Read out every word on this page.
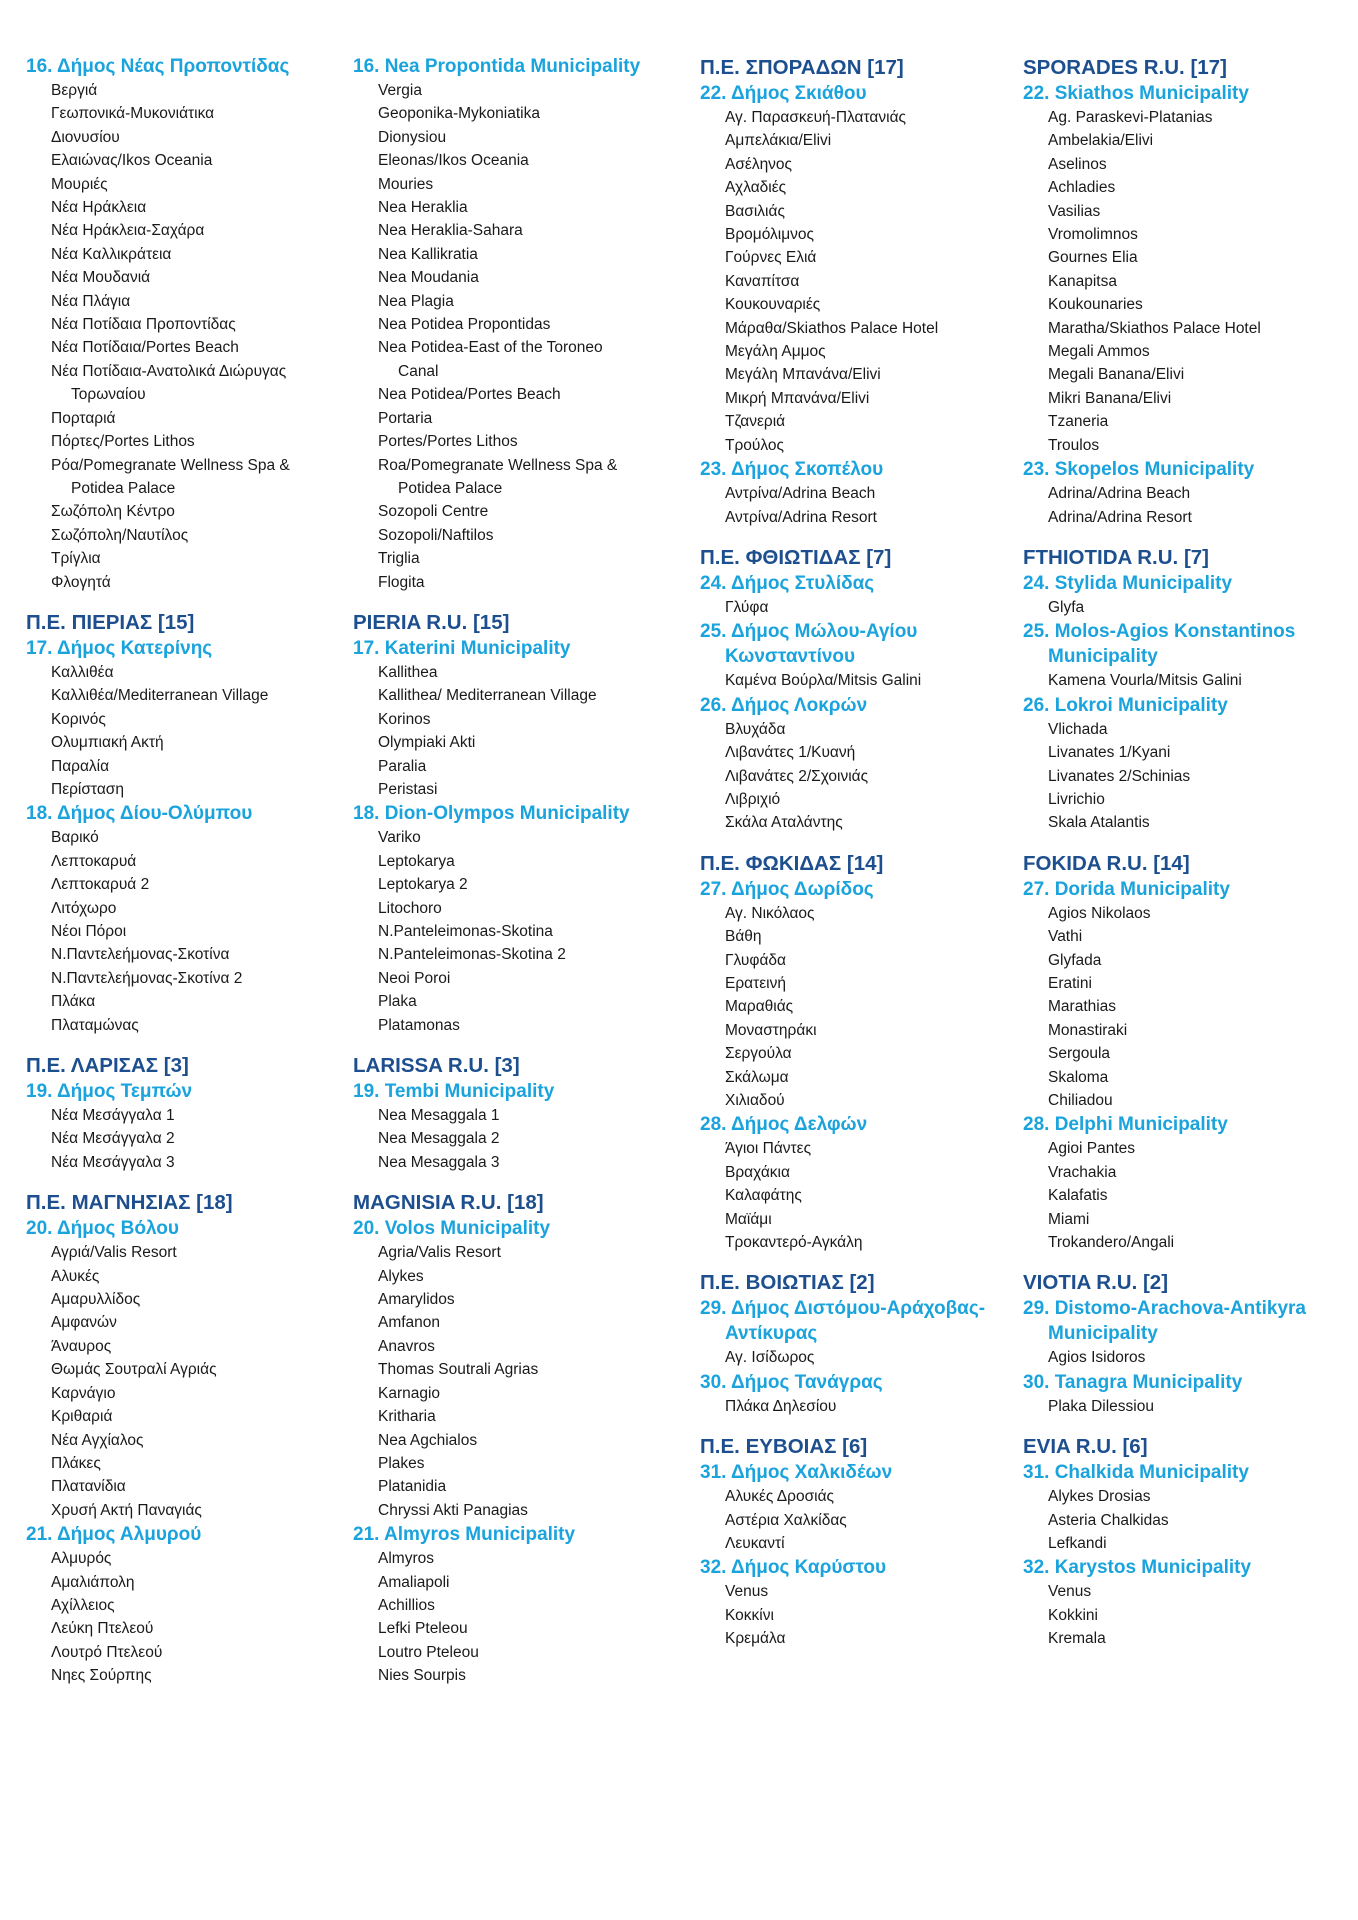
16. Δήμος Νέας Προποντίδας
Βεργιά
Γεωπονικά-Μυκονιάτικα
Διονυσίου
Ελαιώνας/Ikos Oceania
Μουριές
Νέα Ηράκλεια
Νέα Ηράκλεια-Σαχάρα
Νέα Καλλικράτεια
Νέα Μουδανιά
Νέα Πλάγια
Νέα Ποτίδαια Προποντίδας
Νέα Ποτίδαια/Portes Beach
Νέα Ποτίδαια-Ανατολικά Διώρυγας
Τορωναίου
Πορταριά
Πόρτες/Portes Lithos
Ρόα/Pomegranate Wellness Spa &
Potidea Palace
Σωζόπολη Κέντρο
Σωζόπολη/Ναυτίλος
Τρίγλια
Φλογητά
Π.Ε. ΠΙΕΡΙΑΣ [15]
17. Δήμος Κατερίνης
Καλλιθέα
Καλλιθέα/Mediterranean Village
Κορινός
Ολυμπιακή Ακτή
Παραλία
Περίσταση
18. Δήμος Δίου-Ολύμπου
Βαρικό
Λεπτοκαρυά
Λεπτοκαρυά 2
Λιτόχωρο
Νέοι Πόροι
Ν.Παντελεήμονας-Σκοτίνα
Ν.Παντελεήμονας-Σκοτίνα 2
Πλάκα
Πλαταμώνας
Π.Ε. ΛΑΡΙΣΑΣ [3]
19. Δήμος Τεμπών
Νέα Μεσάγγαλα 1
Νέα Μεσάγγαλα 2
Νέα Μεσάγγαλα 3
Π.Ε. ΜΑΓΝΗΣΙΑΣ [18]
20. Δήμος Βόλου
Αγριά/Valis Resort
Αλυκές
Αμαρυλλίδος
Αμφανών
Άναυρος
Θωμάς Σουτραλί Αγριάς
Καρνάγιο
Κριθαριά
Νέα Αγχίαλος
Πλάκες
Πλατανίδια
Χρυσή Ακτή Παναγιάς
21. Δήμος Αλμυρού
Αλμυρός
Αμαλιάπολη
Αχίλλειος
Λεύκη Πτελεού
Λουτρό Πτελεού
Νηες Σούρπης
16. Nea Propontida Municipality
Vergia
Geoponika-Mykoniatika
Dionysiou
Eleonas/Ikos Oceania
Mouries
Nea Heraklia
Nea Heraklia-Sahara
Nea Kallikratia
Nea Moudania
Nea Plagia
Nea Potidea Propontidas
Nea Potidea-East of the Toroneo
Canal
Nea Potidea/Portes Beach
Portaria
Portes/Portes Lithos
Roa/Pomegranate Wellness Spa &
Potidea Palace
Sozopoli Centre
Sozopoli/Naftilos
Triglia
Flogita
PIERIA R.U. [15]
17. Katerini Municipality
Kallithea
Kallithea/ Mediterranean Village
Korinos
Olympiaki Akti
Paralia
Peristasi
18. Dion-Olympos Municipality
Variko
Leptokarya
Leptokarya 2
Litochoro
N.Panteleimonas-Skotina
N.Panteleimonas-Skotina 2
Neoi Poroi
Plaka
Platamonas
LARISSA R.U. [3]
19. Tembi Municipality
Nea Mesaggala 1
Nea Mesaggala 2
Nea Mesaggala 3
MAGNISIA R.U. [18]
20. Volos Municipality
Agria/Valis Resort
Alykes
Amarylidos
Amfanon
Anavros
Thomas Soutrali Agrias
Karnagio
Kritharia
Nea Agchialos
Plakes
Platanidia
Chryssi Akti Panagias
21. Almyros Municipality
Almyros
Amaliapoli
Achillios
Lefki Pteleou
Loutro Pteleou
Nies Sourpis
Π.Ε. ΣΠΟΡΑΔΩΝ [17]
22. Δήμος Σκιάθου
Αγ. Παρασκευή-Πλατανιάς
Αμπελάκια/Elivi
Ασέληνος
Αχλαδιές
Βασιλιάς
Βρομόλιμνος
Γούρνες Ελιά
Καναπίτσα
Κουκουναριές
Μάραθα/Skiathos Palace Hotel
Μεγάλη Αμμος
Μεγάλη Μπανάνα/Elivi
Μικρή Μπανάνα/Elivi
Τζανεριά
Τρούλος
23. Δήμος Σκοπέλου
Αντρίνα/Adrina Beach
Αντρίνα/Adrina Resort
Π.Ε. ΦΘΙΩΤΙΔΑΣ [7]
24. Δήμος Στυλίδας
Γλύφα
25. Δήμος Μώλου-Αγίου
Κωνσταντίνου
Καμένα Βούρλα/Mitsis Galini
26. Δήμος Λοκρών
Βλυχάδα
Λιβανάτες 1/Κυανή
Λιβανάτες 2/Σχοινιάς
Λιβριχιό
Σκάλα Αταλάντης
Π.Ε. ΦΩΚΙΔΑΣ [14]
27. Δήμος Δωρίδος
Αγ. Νικόλαος
Βάθη
Γλυφάδα
Ερατεινή
Μαραθιάς
Μοναστηράκι
Σεργούλα
Σκάλωμα
Χιλιαδού
28. Δήμος Δελφών
Άγιοι Πάντες
Βραχάκια
Καλαφάτης
Μαϊάμι
Τροκαντερό-Αγκάλη
Π.Ε. ΒΟΙΩΤΙΑΣ [2]
29. Δήμος Διστόμου-Αράχοβας-
Αντίκυρας
Αγ. Ισίδωρος
30. Δήμος Τανάγρας
Πλάκα Δηλεσίου
Π.Ε. ΕΥΒΟΙΑΣ [6]
31. Δήμος Χαλκιδέων
Αλυκές Δροσιάς
Αστέρια Χαλκίδας
Λευκαντί
32. Δήμος Καρύστου
Venus
Κοκκίνι
Κρεμάλα
SPORADES R.U. [17]
22. Skiathos Municipality
Ag. Paraskevi-Platanias
Ambelakia/Elivi
Aselinos
Achladies
Vasilias
Vromolimnos
Gournes Elia
Kanapitsa
Koukounaries
Maratha/Skiathos Palace Hotel
Megali Ammos
Megali Banana/Elivi
Mikri Banana/Elivi
Tzaneria
Troulos
23. Skopelos Municipality
Adrina/Adrina Beach
Adrina/Adrina Resort
FTHIOTIDA R.U. [7]
24. Stylida Municipality
Glyfa
25. Molos-Agios Konstantinos
Municipality
Kamena Vourla/Mitsis Galini
26. Lokroi Municipality
Vlichada
Livanates 1/Kyani
Livanates 2/Schinias
Livrichio
Skala Atalantis
FOKIDA R.U. [14]
27. Dorida Municipality
Agios Nikolaos
Vathi
Glyfada
Eratini
Marathias
Monastiraki
Sergoula
Skaloma
Chiliadou
28. Delphi Municipality
Agioi Pantes
Vrachakia
Kalafatis
Miami
Trokandero/Angali
VIOTIA R.U. [2]
29. Distomo-Arachova-Antikyra
Municipality
Agios Isidoros
30. Tanagra Municipality
Plaka Dilessiou
EVIA R.U. [6]
31. Chalkida Municipality
Alykes Drosias
Asteria Chalkidas
Lefkandi
32. Karystos Municipality
Venus
Kokkini
Kremala
